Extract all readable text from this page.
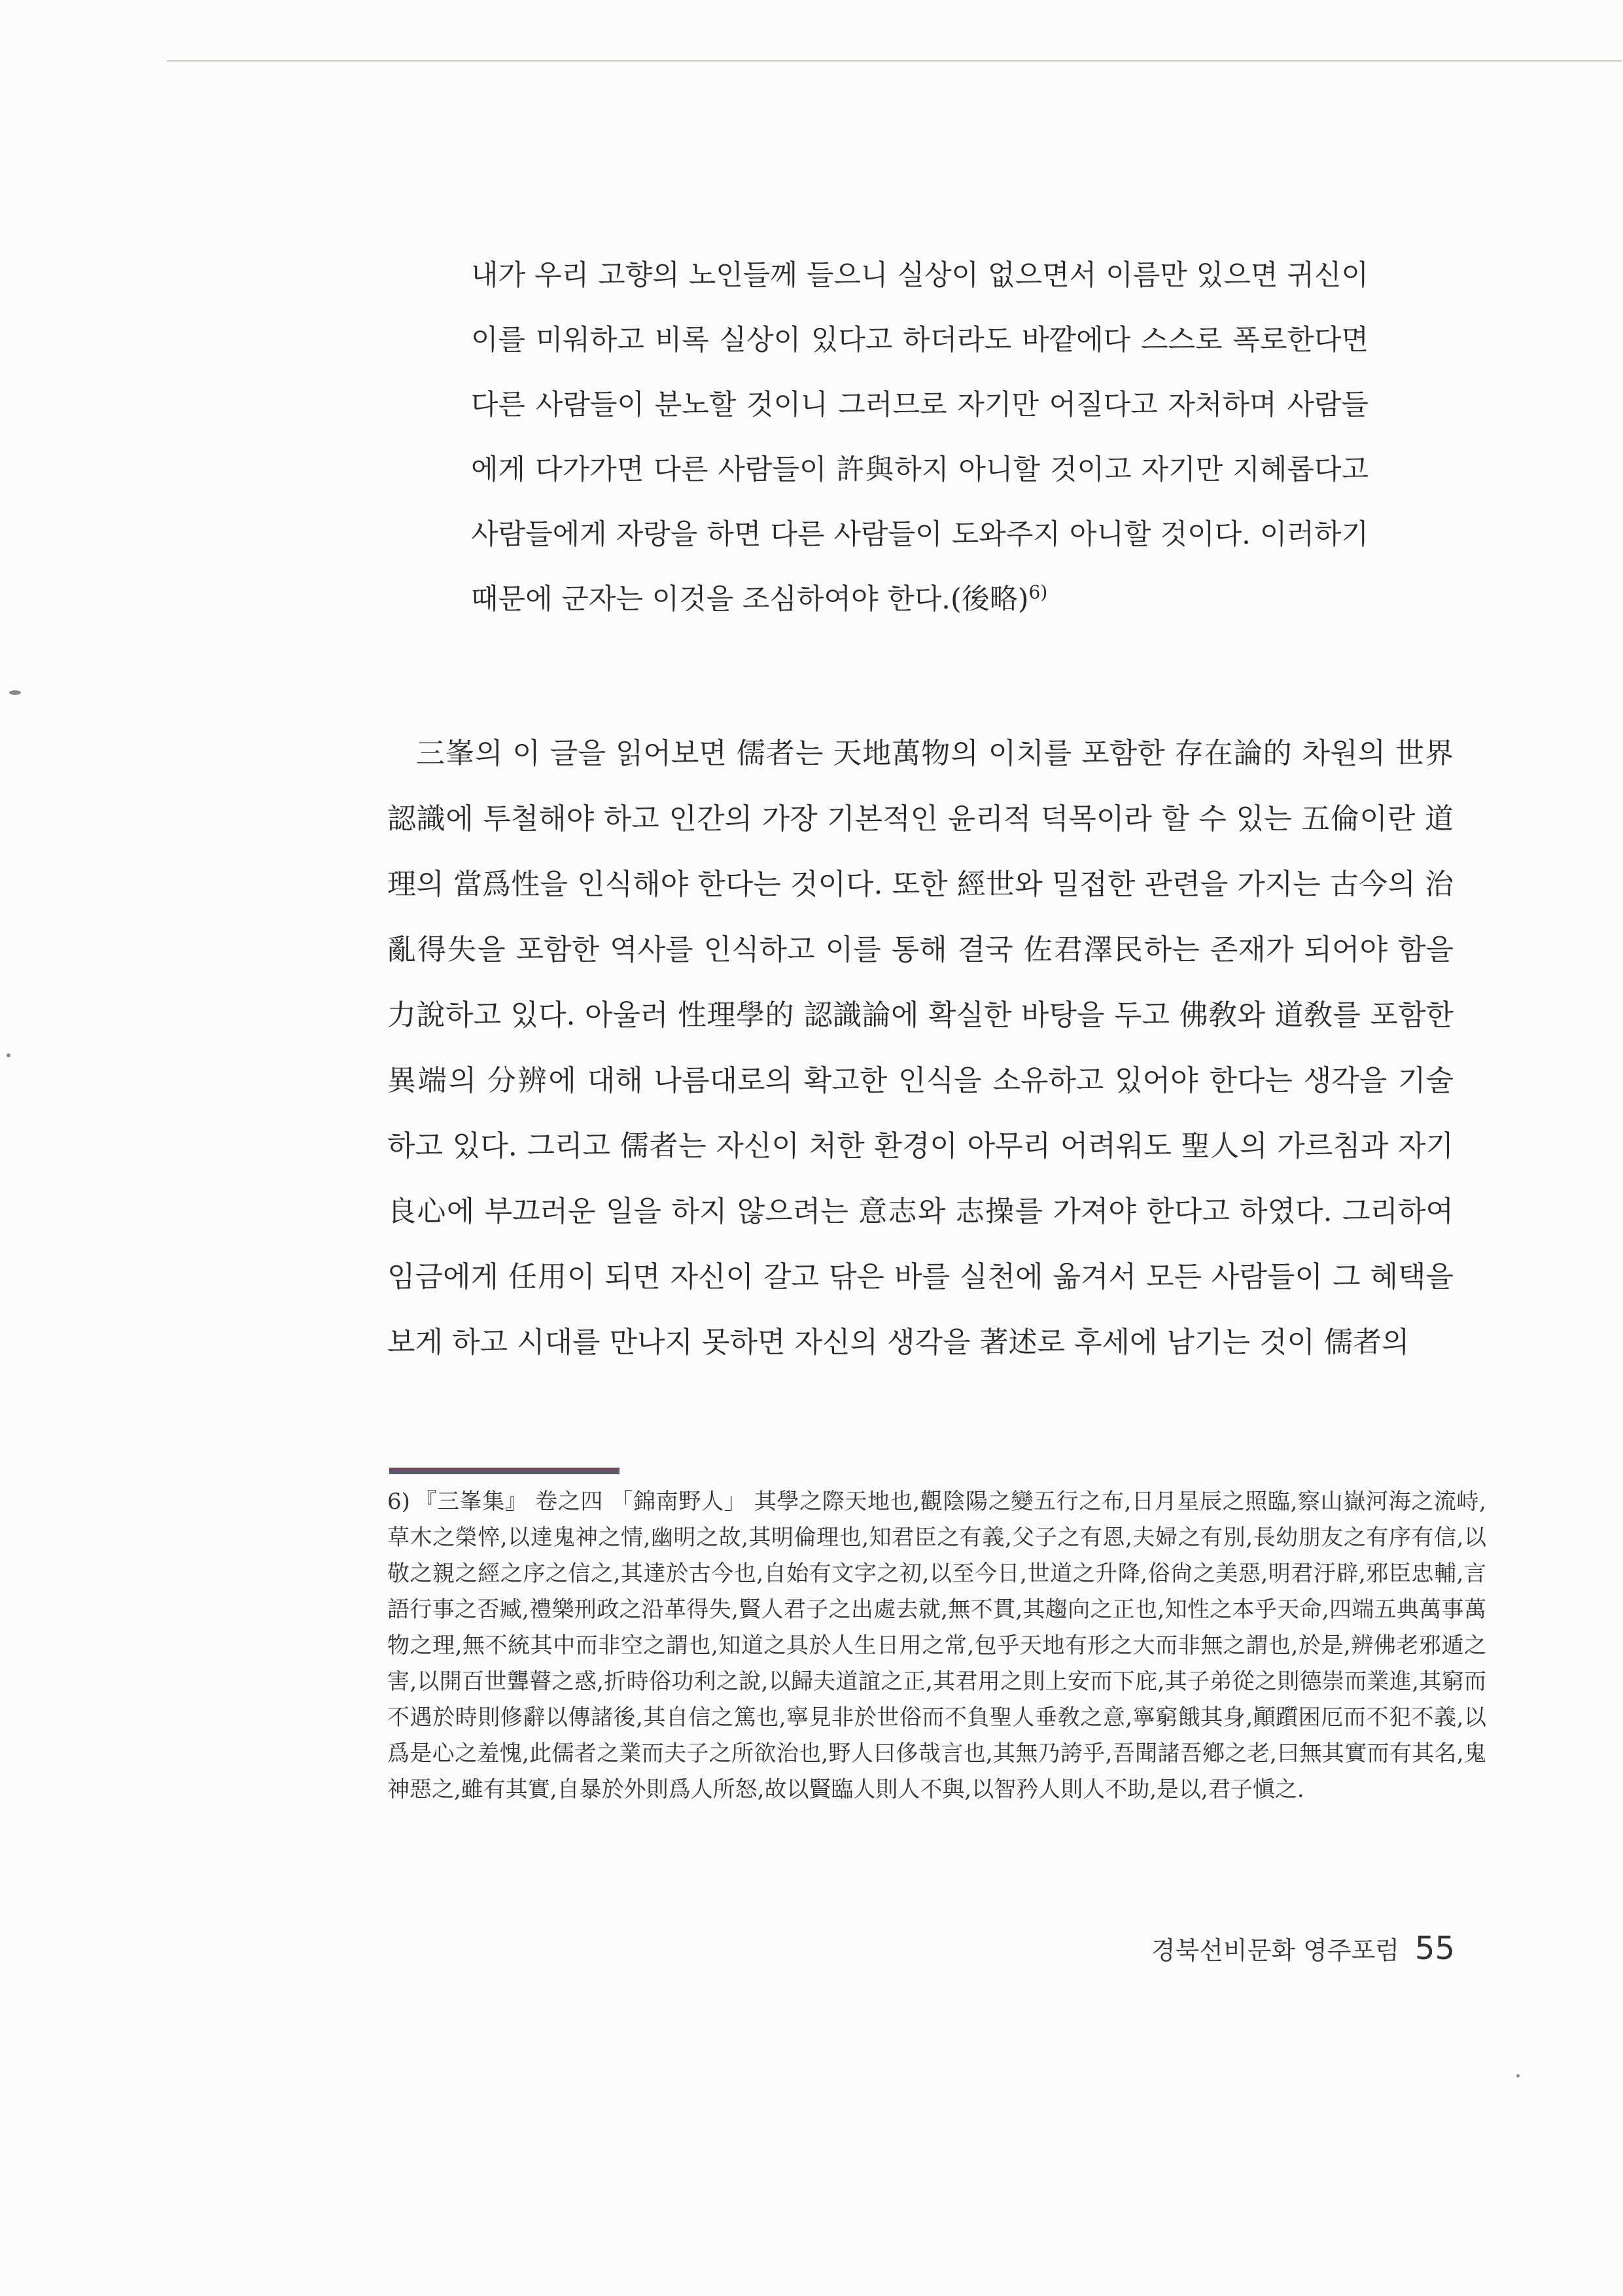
내가 우리 고향의 노인들께 들으니 실상이 없으면서 이름만 있으면 귀신이 이를 미워하고 비록 실상이 있다고 하더라도 바깥에다 스스로 폭로한다면 다른 사람들이 분노할 것이니 그러므로 자기만 어질다고 자처하며 사람들에게 다가가면 다른 사람들이 許與하지 아니할 것이고 자기만 지혜롭다고 사람들에게 자랑을 하면 다른 사람들이 도와주지 아니할 것이다. 이러하기 때문에 군자는 이것을 조심하여야 한다.(後略)$^{6)}$
三峯의 이 글을 읽어보면 儒者는 天地萬物의 이치를 포함한 存在論的 차원의 世界認識에 투철해야 하고 인간의 가장 기본적인 윤리적 덕목이라 할 수 있는 五倫이란 道理의 當爲性을 인식해야 한다는 것이다. 또한 經世와 밀접한 관련을 가지는 古今의 治亂得失을 포함한 역사를 인식하고 이를 통해 결국 佐君澤民하는 존재가 되어야 함을 力說하고 있다. 아울러 性理學的 認識論에 확실한 바탕을 두고 佛敎와 道敎를 포함한 異端의 分辨에 대해 나름대로의 확고한 인식을 소유하고 있어야 한다는 생각을 기술하고 있다. 그리고 儒者는 자신이 처한 환경이 아무리 어려워도 聖人의 가르침과 자기 良心에 부끄러운 일을 하지 않으려는 意志와 志操를 가져야 한다고 하였다. 그리하여 임금에게 任用이 되면 자신이 갈고 닦은 바를 실천에 옮겨서 모든 사람들이 그 혜택을 보게 하고 시대를 만나지 못하면 자신의 생각을 著述로 후세에 남기는 것이 儒者의
6) 『三峯集』 卷之四 「錦南野人」 其學之際天地也,觀陰陽之變五行之布,日月星辰之照臨,察山嶽河海之流峙,草木之榮悴,以達鬼神之情,幽明之故,其明倫理也,知君臣之有義,父子之有恩,夫婦之有別,長幼朋友之有序有信,以敬之親之經之序之信之,其達於古今也,自始有文字之初,以至今日,世道之升降,俗尙之美惡,明君汙辟,邪臣忠輔,言語行事之否臧,禮樂刑政之沿革得失,賢人君子之出處去就,無不貫,其趨向之正也,知性之本乎天命,四端五典萬事萬物之理,無不統其中而非空之謂也,知道之具於人生日用之常,包乎天地有形之大而非無之謂也,於是,辨佛老邪遁之害,以開百世聾瞽之惑,折時俗功利之說,以歸夫道誼之正,其君用之則上安而下庇,其子弟從之則德崇而業進,其窮而不遇於時則修辭以傳諸後,其自信之篤也,寧見非於世俗而不負聖人垂敎之意,寧窮餓其身,顚躓困厄而不犯不義,以爲是心之羞愧,此儒者之業而夫子之所欲治也,野人曰侈哉言也,其無乃誇乎,吾聞諸吾鄕之老,曰無其實而有其名,鬼神惡之,雖有其實,自暴於外則爲人所怒,故以賢臨人則人不與,以智矜人則人不助,是以,君子愼之.
경북선비문화 영주포럼 55
